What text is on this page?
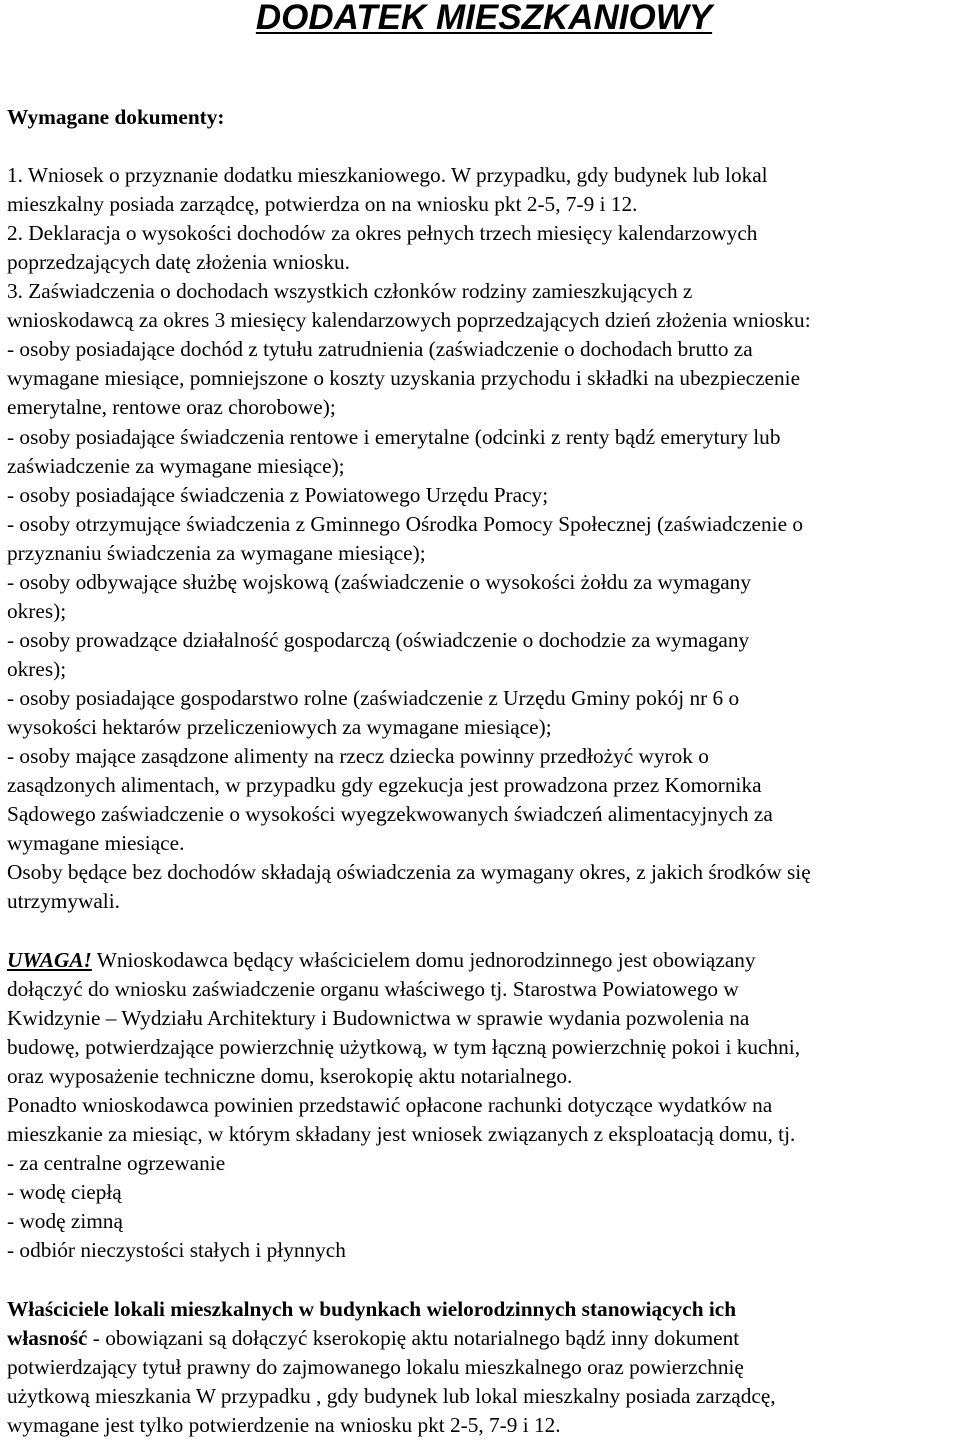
DODATEK MIESZKANIOWY

Wymagane dokumenty:

1. Wniosek o przyznanie dodatku mieszkaniowego. W przypadku, gdy budynek lub lokal

mieszkalny posiada zarządcę, potwierdza on na wniosku pkt 2-5, 7-9 i 12.

2. Deklaracja o wysokości dochodów za okres pełnych trzech miesięcy kalendarzowych

poprzedzających datę złożenia wniosku.

3. Zaświadczenia o dochodach wszystkich członków rodziny zamieszkujących z

wnioskodawcą za okres 3 miesięcy kalendarzowych poprzedzających dzień złożenia wniosku:

- osoby posiadające dochód z tytułu zatrudnienia (zaświadczenie o dochodach brutto za

wymagane miesiące, pomniejszone o koszty uzyskania przychodu i składki na ubezpieczenie

emerytalne, rentowe oraz chorobowe);

- osoby posiadające świadczenia rentowe i emerytalne (odcinki z renty bądź emerytury lub

zaświadczenie za wymagane miesiące);

- osoby posiadające świadczenia z Powiatowego Urzędu Pracy;

- osoby otrzymujące świadczenia z Gminnego Ośrodka Pomocy Społecznej (zaświadczenie o

przyznaniu świadczenia za wymagane miesiące);

- osoby odbywające służbę wojskową (zaświadczenie o wysokości żołdu za wymagany

okres);

- osoby prowadzące działalność gospodarczą (oświadczenie o dochodzie za wymagany

okres);

- osoby posiadające gospodarstwo rolne (zaświadczenie z Urzędu Gminy pokój nr 6 o

wysokości hektarów przeliczeniowych za wymagane miesiące);

- osoby mające zasądzone alimenty na rzecz dziecka powinny przedłożyć wyrok o

zasądzonych alimentach, w przypadku gdy egzekucja jest prowadzona przez Komornika

Sądowego zaświadczenie o wysokości wyegzekwowanych świadczeń alimentacyjnych za

wymagane miesiące.

Osoby będące bez dochodów składają oświadczenia za wymagany okres, z jakich środków się

utrzymywali.

UWAGA! Wnioskodawca będący właścicielem domu jednorodzinnego jest obowiązany

dołączyć do wniosku zaświadczenie organu właściwego tj. Starostwa Powiatowego w

Kwidzynie – Wydziału Architektury i Budownictwa w sprawie wydania pozwolenia na

budowę, potwierdzające powierzchnię użytkową, w tym łączną powierzchnię pokoi i kuchni,

oraz wyposażenie techniczne domu, kserokopię aktu notarialnego.

Ponadto wnioskodawca powinien przedstawić opłacone rachunki dotyczące wydatków na

mieszkanie za miesiąc, w którym składany jest wniosek związanych z eksploatacją domu, tj.

- za centralne ogrzewanie

- wodę ciepłą

- wodę zimną

- odbiór nieczystości stałych i płynnych

Właściciele lokali mieszkalnych w budynkach wielorodzinnych stanowiących ich

własność - obowiązani są dołączyć kserokopię aktu notarialnego bądź inny dokument

potwierdzający tytuł prawny do zajmowanego lokalu mieszkalnego oraz powierzchnię

użytkową mieszkania W przypadku , gdy budynek lub lokal mieszkalny posiada zarządcę,

wymagane jest tylko potwierdzenie na wniosku pkt 2-5, 7-9 i 12.
